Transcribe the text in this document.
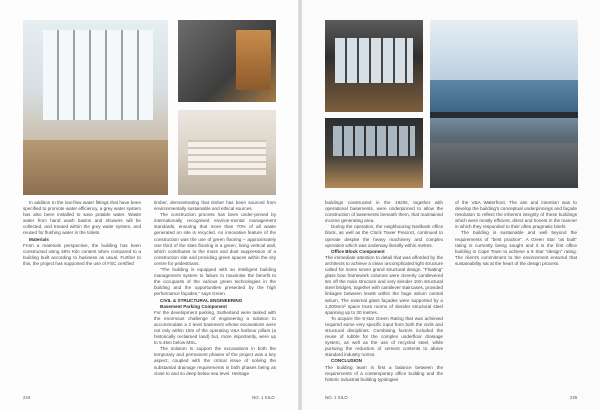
In addition to the low-flow water fittings that have been specified to promote water efficiency, a grey water system has also been installed to save potable water. Waste water from hand wash basins and showers will be collected, and treated within the grey water system, and reused for flushing water in the toilets.

Materials

From a materials perspective, the building has been constructed using 48% Kiln content when compared to a building built according to business as usual. Further to this, the project has supported the use of FSC certified

timber, demonstrating that timber has been sourced from environmentally sustainable and ethical sources.

The construction process has been under-pinned by internationally recognised environ-mental management standards, ensuring that more than 70% of all waste generated on site is recycled. An innovative feature of the construction was the use of green flooring – approximately one third of the sites flooring is a green, living vertical wall, which contributes to the moss and dust suppression of a construction site and providing green spaces within the city centre for pedestrians.

"The building is equipped with an intelligent building management system to failure to maximise the benefit to the occupants of the various green technologies in the building and the opportunities presented by the high performance façades," says Green.

CIVIL & STRUCTURAL ENGINEERING

Basement Parking Component

For the development parking, Sutherland were tasked with the enormous challenge of engineering a solution to accommodate a 2 level basement whose excavations were not only within 15m of the operating V&A harbour pillars (a historically reclaimed land) but, more importantly, were up to 5.45m below MSL.

The solution to support the excavations in both the temporary and permanent phases of the project was a key aspect, coupled with the critical issue of solving the substantial drainage requirements in both phases being as close to and so deep below sea level. Heritage

224	NO. 1 SILO

buildings constructed in the 1920s, together with operational basements, were underpinned to allow the construction of basements beneath them, that maintained income generating area.

During the operation, the neighbouring Nedbank office block, as well as the Clock Tower Precinct, continued to operate despite the heavy machinery and complex operation which was underway literally within metres.

Office Block Component

The immediate attention to detail that was afforded by the architects to achieve a clean uncomplicated light structure called for some seven grand structural design. "Floating" glass bow framework columns were cleverly cantilevered 6m off the main structure and very slender 10m structural steel bridges, together with cantilever staircases, provided linkages between levels within the huge atrium central atrium. The external glass façades were supported by a 1,000mm² space truss rooms of slender structural steel spanning up to 30 metres.

To acquire the 6-star Green Rating that was achieved required some very specific input from both the civils and structural disciplines. Combining factors included the reuse of rubble for the complex underfloor drainage system, as well as the use of recycled steel, while pursuing the reduction of cement contents to above standard industry norms.

CONCLUSION

The building team is first a balance between the requirements of a contemporary office building and the historic industrial building typologies

of the V&A Waterfront. The aim and intention was to develop the building's conceptual underpinnings and façade resolution to reflect the inherent integrity of these buildings which were mostly efficient, direct and honest in the manner in which they responded to their often pragmatic briefs.

The building is sustainable and well beyond the requirements of "best practice". A Green Star "as built" rating is currently being sought and it is the first office building in Cape Town to achieve a 6 Star "design" rating. The client's commitment to the environment ensured that sustainability sat at the heart of the design process.

NO. 1 SILO	225
